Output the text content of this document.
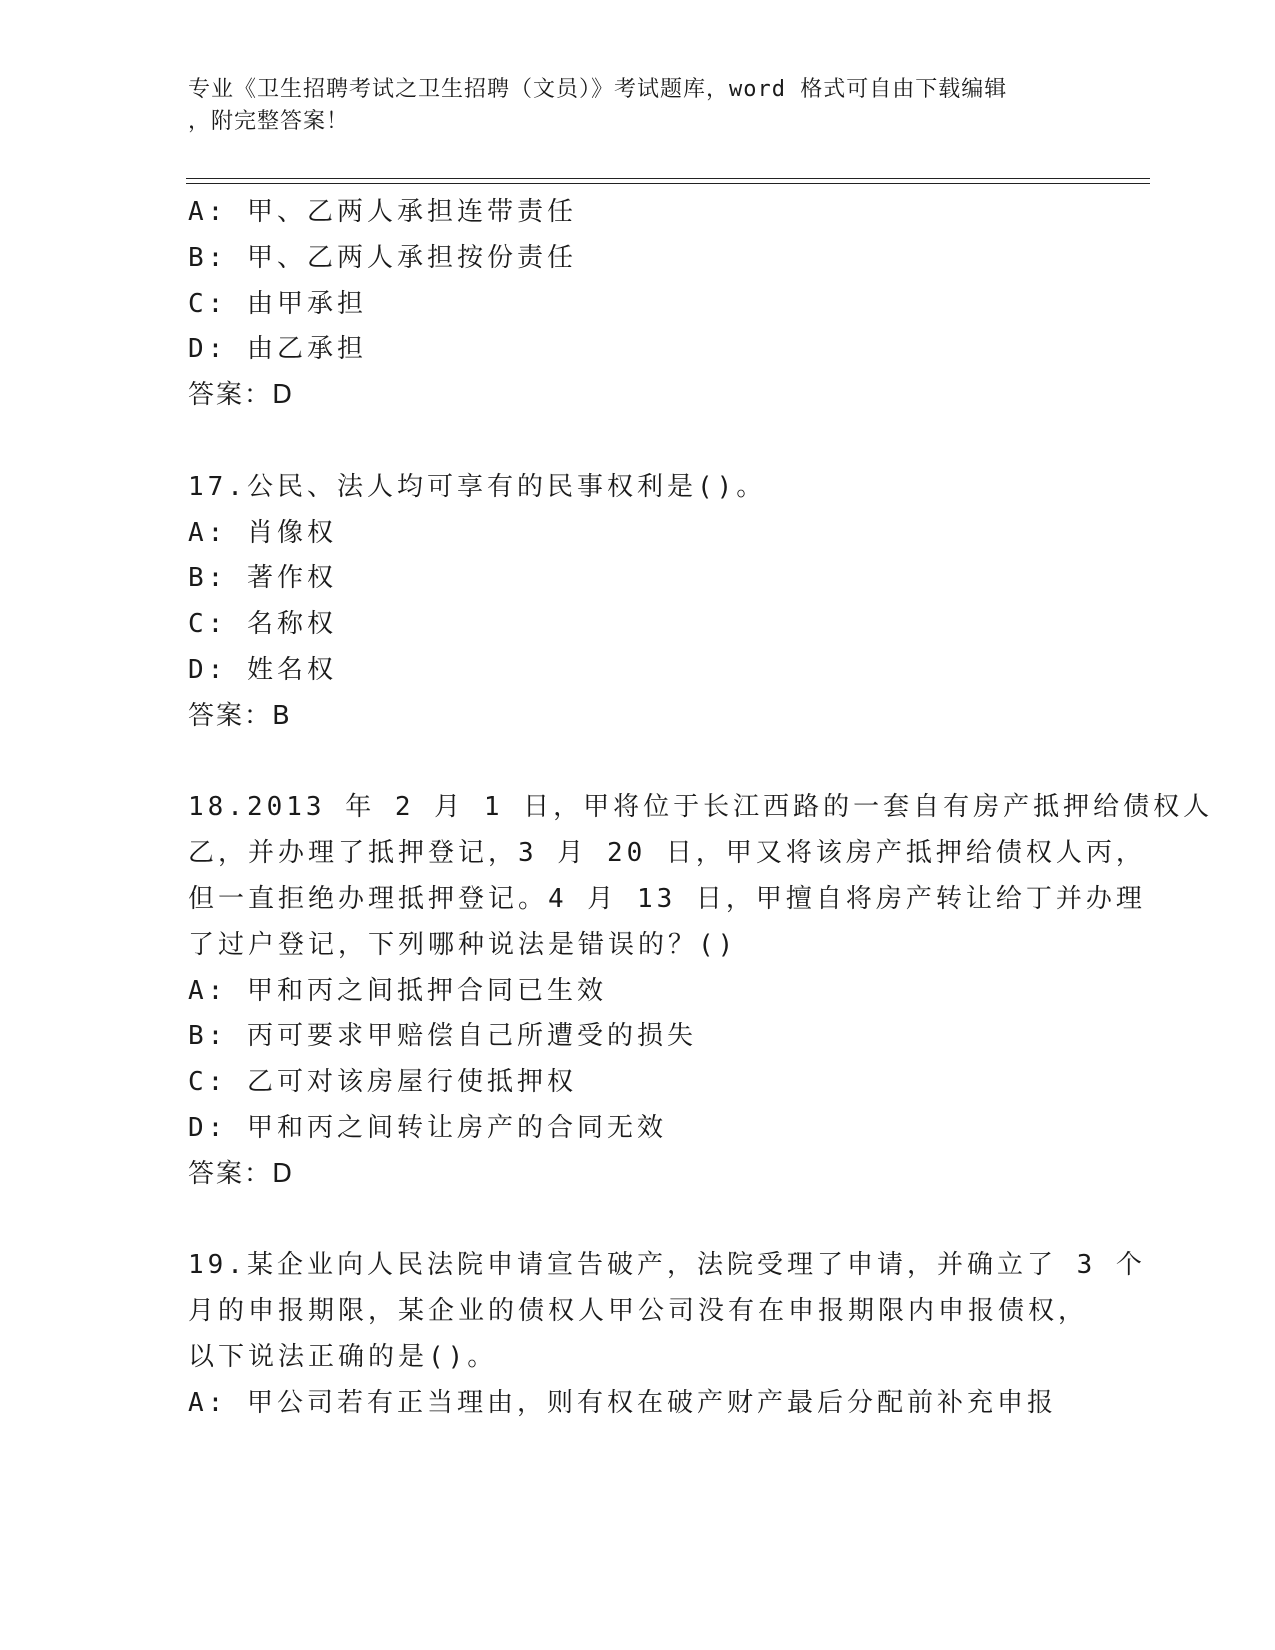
专业《卫生招聘考试之卫生招聘（文员）》考试题库，word 格式可自由下载编辑

，附完整答案！
A: 甲、乙两人承担连带责任
B: 甲、乙两人承担按份责任
C: 由甲承担
D: 由乙承担
答案：D
17.公民、法人均可享有的民事权利是()。
A: 肖像权
B: 著作权
C: 名称权
D: 姓名权
答案：B
18.2013 年 2 月 1 日，甲将位于长江西路的一套自有房产抵押给债权人
乙，并办理了抵押登记，3 月 20 日，甲又将该房产抵押给债权人丙，
但一直拒绝办理抵押登记。4 月 13 日，甲擅自将房产转让给丁并办理
了过户登记，下列哪种说法是错误的？()
A: 甲和丙之间抵押合同已生效
B: 丙可要求甲赔偿自己所遭受的损失
C: 乙可对该房屋行使抵押权
D: 甲和丙之间转让房产的合同无效
答案：D
19.某企业向人民法院申请宣告破产，法院受理了申请，并确立了 3 个
月的申报期限，某企业的债权人甲公司没有在申报期限内申报债权，
以下说法正确的是()。
A: 甲公司若有正当理由，则有权在破产财产最后分配前补充申报
